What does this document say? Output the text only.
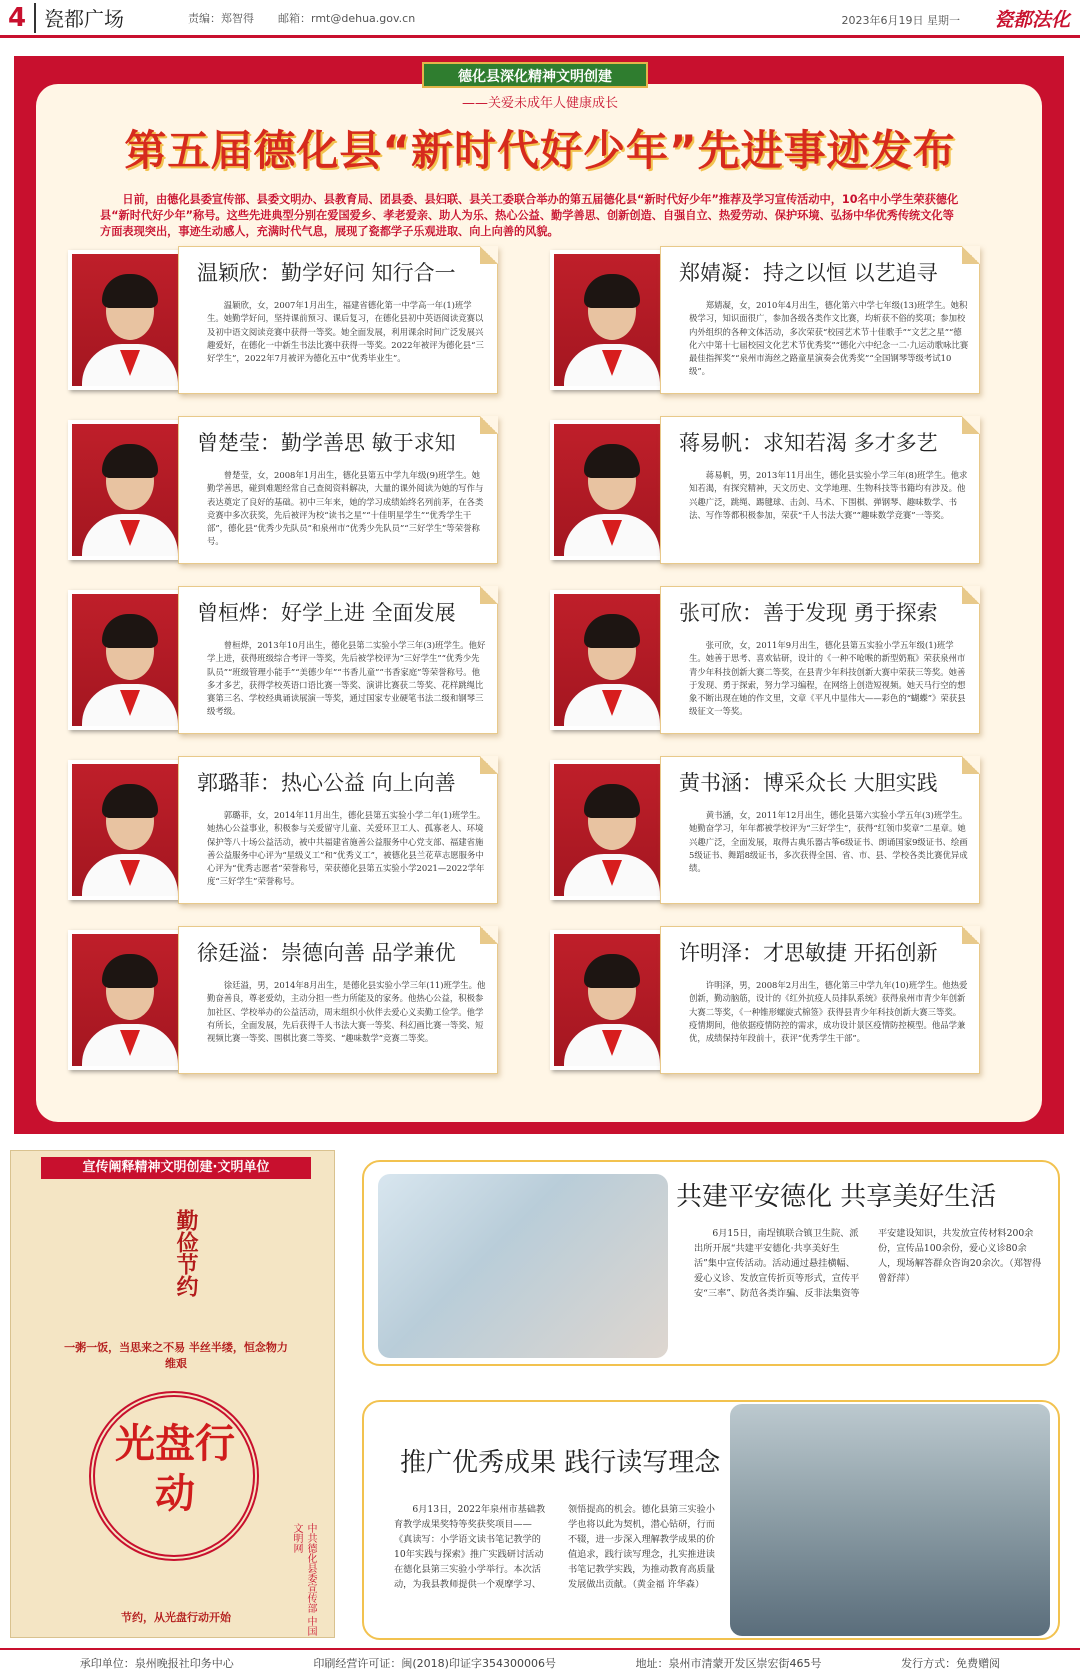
4 瓷都广场	责编：郑智得 邮箱：rmt@dehua.gov.cn	2023年6月19日 星期一 瓷都法化
德化县深化精神文明创建
——关爱未成年人健康成长
第五届德化县“新时代好少年”先进事迹发布
日前，由德化县委宣传部、县委文明办、县教育局、团县委、县妇联、县关工委联合举办的第五届德化县“新时代好少年”推荐及学习宣传活动中，10名中小学生荣获德化县“新时代好少年”称号。这些先进典型分别在爱国爱乡、孝老爱亲、助人为乐、热心公益、勤学善思、创新创造、自强自立、热爱劳动、保护环境、弘扬中华优秀传统文化等方面表现突出，事迹生动感人，充满时代气息，展现了瓷都学子乐观进取、向上向善的风貌。
温颖欣：勤学好问 知行合一
温颖欣，女，2007年1月出生，福建省德化第一中学高一年(1)班学生。她勤学好问，坚持课前预习、课后复习，在德化县初中英语阅读竞赛以及初中语文阅读竞赛中获得一等奖。她全面发展，利用课余时间广泛发展兴趣爱好，在德化一中新生书法比赛中获得一等奖。2022年被评为德化县“三好学生”，2022年7月被评为德化五中“优秀毕业生”。
郑婧凝：持之以恒 以艺追寻
郑婧凝，女，2010年4月出生，德化第六中学七年级(13)班学生。她积极学习，知识面很广，参加各级各类作文比赛，均斩获不俗的奖项；参加校内外组织的各种文体活动，多次荣获“校园艺术节十佳歌手”“文艺之星”“德化六中第十七届校园文化艺术节优秀奖”“德化六中纪念一二·九运动歌咏比赛最佳指挥奖”“泉州市海丝之路童星演奏会优秀奖”“全国钢琴等级考试10级”。
曾楚莹：勤学善思 敏于求知
曾楚莹，女，2008年1月出生，德化县第五中学九年级(9)班学生。她勤学善思，碰到难题经常自己查阅资料解决，大量的课外阅读为她的写作与表达奠定了良好的基础。初中三年来，她的学习成绩始终名列前茅，在各类竞赛中多次获奖，先后被评为校“读书之星”“十佳明星学生”“优秀学生干部”，德化县“优秀少先队员”和泉州市“优秀少先队员”“三好学生”等荣誉称号。
蒋易帆：求知若渴 多才多艺
蒋易帆，男，2013年11月出生，德化县实验小学三年(8)班学生。他求知若渴，有探究精神，天文历史、文学地理、生物科技等书籍均有涉及。他兴趣广泛，跳绳、踢毽球、击剑、马术、下围棋、弹钢琴、趣味数学、书法、写作等都积极参加，荣获“千人书法大赛”“趣味数学竞赛”一等奖。
曾桓烨：好学上进 全面发展
曾桓烨，2013年10月出生，德化县第二实验小学三年(3)班学生。他好学上进，获得班级综合考评一等奖，先后被学校评为“三好学生”“优秀少先队员”“班级管理小能手”“美德少年”“书香儿童”“书香家庭”等荣誉称号。他多才多艺，获得学校英语口语比赛一等奖、演讲比赛获二等奖、花样跳绳比赛第三名、学校经典诵读展演一等奖，通过国家专业硬笔书法二级和钢琴三级考级。
张可欣：善于发现 勇于探索
张可欣，女，2011年9月出生，德化县第五实验小学五年级(1)班学生。她善于思考、喜欢钻研，设计的《一种不呛喉的新型奶瓶》荣获泉州市青少年科技创新大赛二等奖，在县青少年科技创新大赛中荣获三等奖。她善于发现、勇于探索，努力学习编程，在网络上创造短视频。她天马行空的想象不断出现在她的作文里，文章《平凡中显伟大——彩色的“蝴蝶”》荣获县级征文一等奖。
郭璐菲：热心公益 向上向善
郭璐菲，女，2014年11月出生，德化县第五实验小学二年(1)班学生。她热心公益事业，积极参与关爱留守儿童、关爱环卫工人、孤寡老人、环境保护等八十场公益活动，被中共福建省施善公益服务中心党支部、福建省施善公益服务中心评为“星级义工”和“优秀义工”，被德化县兰花草志愿服务中心评为“优秀志愿者”荣誉称号，荣获德化县第五实验小学2021—2022学年度“三好学生”荣誉称号。
黄书涵：博采众长 大胆实践
黄书涵，女，2011年12月出生，德化县第六实验小学五年(3)班学生。她勤奋学习，年年都被学校评为“三好学生”，获得“红领巾奖章”二星章。她兴趣广泛，全面发展，取得古典乐器古筝6级证书、朗诵国家9级证书、绘画5级证书、舞蹈8级证书，多次获得全国、省、市、县、学校各类比赛优异成绩。
徐廷溢：崇德向善 品学兼优
徐廷溢，男，2014年8月出生，是德化县实验小学三年(11)班学生。他勤奋善良，尊老爱幼，主动分担一些力所能及的家务。他热心公益，积极参加社区、学校举办的公益活动，周末组织小伙伴去爱心义卖勤工俭学。他学有所长，全面发展，先后获得千人书法大赛一等奖、科幻画比赛一等奖、短视频比赛一等奖、围棋比赛二等奖、“趣味数学”竞赛二等奖。
许明泽：才思敏捷 开拓创新
许明泽，男，2008年2月出生，德化第三中学九年(10)班学生。他热爱创新，勤动脑筋，设计的《红外抗疫人员排队系统》获得泉州市青少年创新大赛二等奖，《一种锥形螺旋式棉签》获得县青少年科技创新大赛三等奖。疫情期间，他依据疫情防控的需求，成功设计景区疫情防控模型。他品学兼优，成绩保持年段前十，获评“优秀学生干部”。
宣传阐释精神文明创建·文明单位
勤俭节约
一粥一饭，当思来之不易 半丝半缕，恒念物力维艰
光盘行动
中共德化县委宣传部 中国文明网
节约，从光盘行动开始
共建平安德化 共享美好生活
6月15日，南埕镇联合镇卫生院、派出所开展“共建平安德化·共享美好生活”集中宣传活动。活动通过悬挂横幅、爱心义诊、发放宣传折页等形式，宣传平安“三率”、防范各类诈骗、反非法集资等平安建设知识，共发放宣传材料200余份，宣传品100余份，爱心义诊80余人，现场解答群众咨询20余次。（郑智得 曾舒萍）
推广优秀成果 践行读写理念
6月13日，2022年泉州市基础教育教学成果奖特等奖获奖项目——《真读写：小学语文读书笔记教学的10年实践与探索》推广实践研讨活动在德化县第三实验小学举行。本次活动，为我县教师提供一个观摩学习、领悟提高的机会。德化县第三实验小学也将以此为契机，潜心钻研，行而不辍，进一步深入理解教学成果的价值追求，践行读写理念，扎实推进读书笔记教学实践，为推动教育高质量发展做出贡献。（黄金福 许华森）
承印单位：泉州晚报社印务中心	印刷经营许可证：闽(2018)印证字354300006号	地址：泉州市清蒙开发区崇宏街465号	发行方式：免费赠阅
